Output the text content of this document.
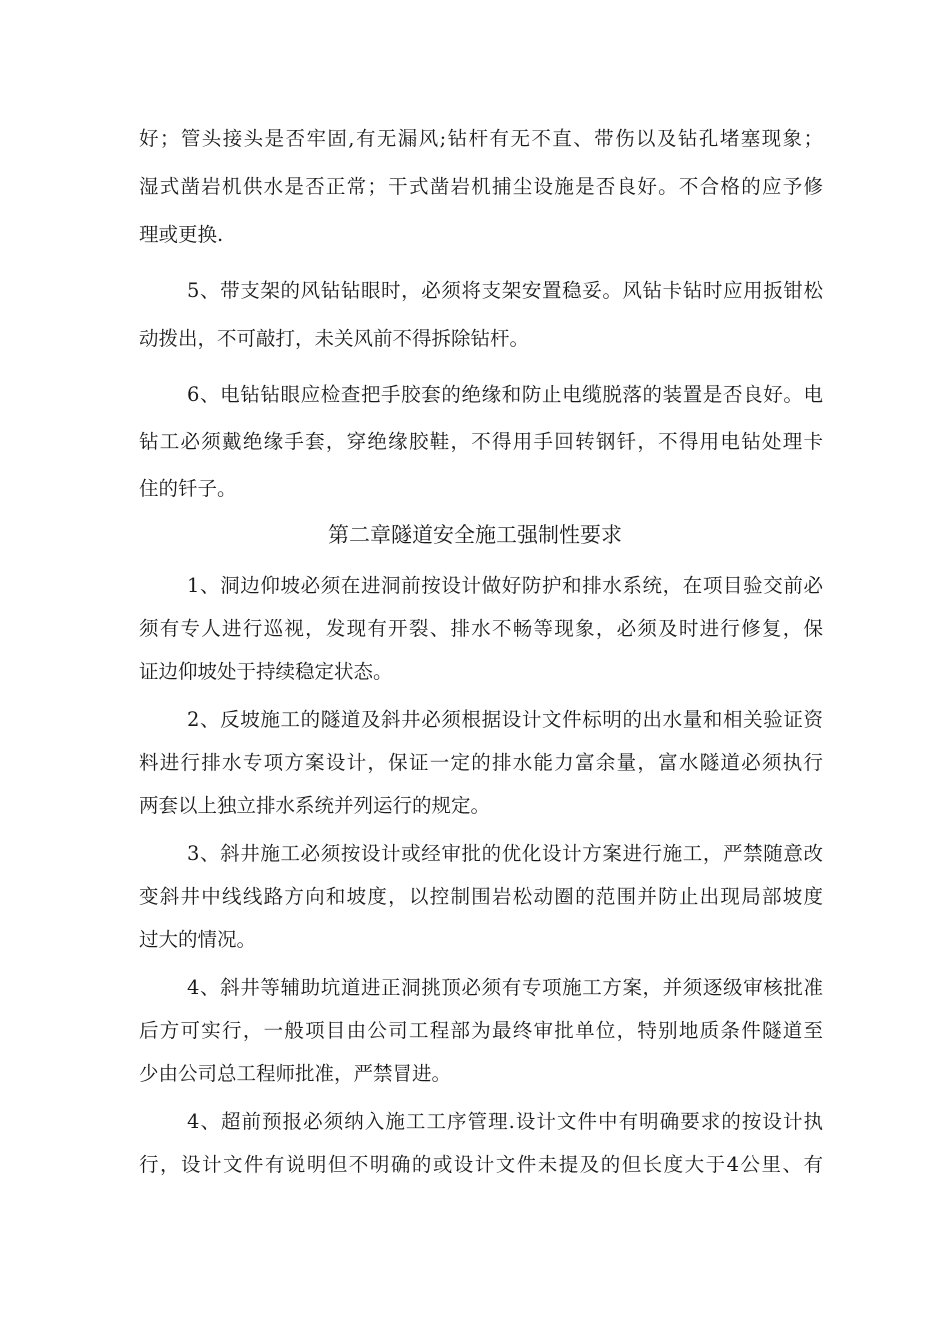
好；管头接头是否牢固,有无漏风;钻杆有无不直、带伤以及钻孔堵塞现象；
湿式凿岩机供水是否正常；干式凿岩机捕尘设施是否良好。不合格的应予修
理或更换.
5、带支架的风钻钻眼时，必须将支架安置稳妥。风钻卡钻时应用扳钳松
动拨出，不可敲打，未关风前不得拆除钻杆。
6、电钻钻眼应检查把手胶套的绝缘和防止电缆脱落的装置是否良好。电
钻工必须戴绝缘手套，穿绝缘胶鞋，不得用手回转钢钎，不得用电钻处理卡
住的钎子。
第二章隧道安全施工强制性要求
1、洞边仰坡必须在进洞前按设计做好防护和排水系统，在项目验交前必
须有专人进行巡视，发现有开裂、排水不畅等现象，必须及时进行修复，保
证边仰坡处于持续稳定状态。
2、反坡施工的隧道及斜井必须根据设计文件标明的出水量和相关验证资
料进行排水专项方案设计，保证一定的排水能力富余量，富水隧道必须执行
两套以上独立排水系统并列运行的规定。
3、斜井施工必须按设计或经审批的优化设计方案进行施工，严禁随意改
变斜井中线线路方向和坡度，以控制围岩松动圈的范围并防止出现局部坡度
过大的情况。
4、斜井等辅助坑道进正洞挑顶必须有专项施工方案，并须逐级审核批准
后方可实行，一般项目由公司工程部为最终审批单位，特别地质条件隧道至
少由公司总工程师批准，严禁冒进。
4、超前预报必须纳入施工工序管理.设计文件中有明确要求的按设计执
行，设计文件有说明但不明确的或设计文件未提及的但长度大于4公里、有
